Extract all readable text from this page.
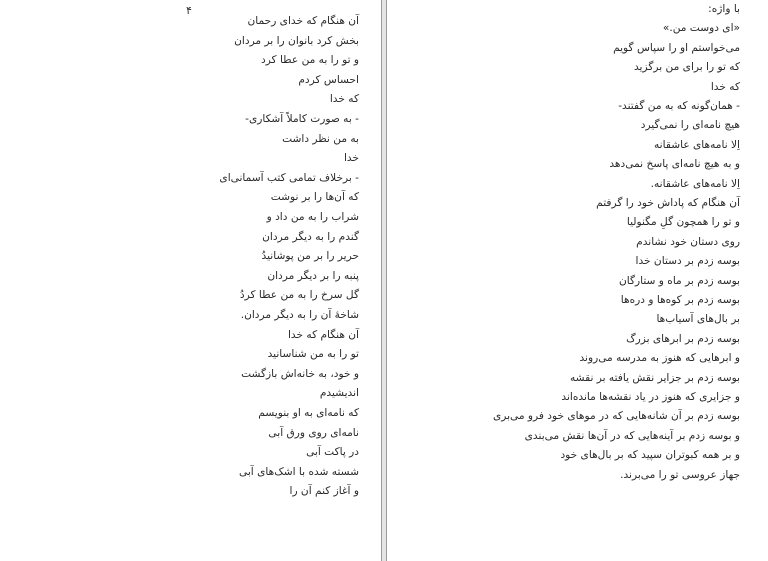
۴
آن هنگام که خدای رحمان
بخش کرد بانوان را بر مردان
و تو را به من عطا کرد
احساس کردم
که خدا
- به صورت کاملاً آشکاری-
به من نظر داشت
خدا
- برخلاف تمامی کتب آسمانی‌ای
که آن‌ها را بر نوشت
شراب را به من داد و
گندم را به دیگر مردان
حریر را بر من پوشانیدُ
پنبه را بر دیگر مردان
گل سرخ را به من عطا کردُ
شاخهٔ آن را به دیگر مردان.
آن هنگام که خدا
تو را به من شناسانید
و خود، به خانه‌اش بازگشت
اندیشیدم
که نامه‌ای به او بنویسم
نامه‌ای روی ورق آبی
در پاکت آبی
شسته شده با اشک‌های آبی
و آغاز کنم آن را
با واژه:
«ای دوست من.»
می‌خواستم او را سپاس گویم
که تو را برای من برگزید
که خدا
- همان‌گونه که به من گفتند-
هیچ نامه‌ای را نمی‌گیرد
اِلا نامه‌های عاشقانه
و به هیچ نامه‌ای پاسخ نمی‌دهد
اِلا نامه‌های عاشقانه.
آن هنگام که پاداش خود را گرفتم
و تو را همچون گلِ مگنولیا
روی دستان خود نشاندم
بوسه زدم بر دستان خدا
بوسه زدم بر ماه و ستارگان
بوسه زدم بر کوه‌ها و دره‌ها
بر بال‌های آسیاب‌ها
بوسه زدم بر ابرهای بزرگ
و ابرهایی که هنوز به مدرسه می‌روند
بوسه زدم بر جزایر نقش یافته بر نقشه
و جزایری که هنوز در یاد نقشه‌ها مانده‌اند
بوسه زدم بر آن شانه‌هایی که در موهای خود فرو می‌بری
و بوسه زدم بر آینه‌هایی که در آن‌ها نقش می‌بندی
و بر همه کبوتران سپید که بر بال‌های خود
جهاز عروسی تو را می‌برند.
